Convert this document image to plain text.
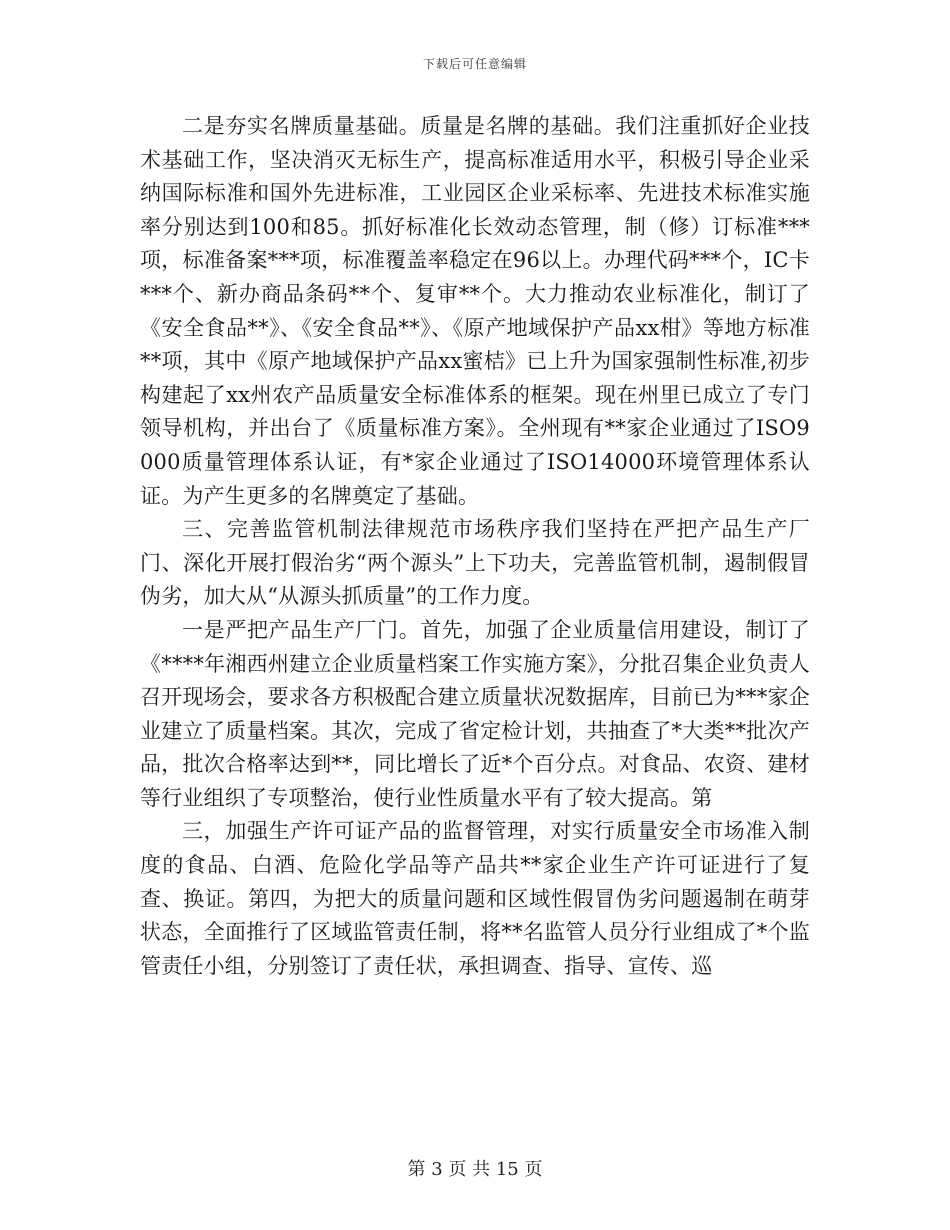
下载后可任意编辑

二是夯实名牌质量基础。质量是名牌的基础。我们注重抓好企业技术基础工作，坚决消灭无标生产，提高标准适用水平，积极引导企业采纳国际标准和国外先进标准，工业园区企业采标率、先进技术标准实施率分别达到100和85。抓好标准化长效动态管理，制（修）订标准***项，标准备案***项，标准覆盖率稳定在96以上。办理代码***个，IC卡***个、新办商品条码**个、复审**个。大力推动农业标准化，制订了《安全食品**》、《安全食品**》、《原产地域保护产品xx柑》等地方标准**项，其中《原产地域保护产品xx蜜桔》已上升为国家强制性标准,初步构建起了xx州农产品质量安全标准体系的框架。现在州里已成立了专门领导机构，并出台了《质量标准方案》。全州现有**家企业通过了ISO9000质量管理体系认证，有*家企业通过了ISO14000环境管理体系认证。为产生更多的名牌奠定了基础。

三、完善监管机制法律规范市场秩序我们坚持在严把产品生产厂门、深化开展打假治劣“两个源头”上下功夫，完善监管机制，遏制假冒伪劣，加大从“从源头抓质量”的工作力度。

一是严把产品生产厂门。首先，加强了企业质量信用建设，制订了《****年湘西州建立企业质量档案工作实施方案》，分批召集企业负责人召开现场会，要求各方积极配合建立质量状况数据库，目前已为***家企业建立了质量档案。其次，完成了省定检计划，共抽查了*大类**批次产品，批次合格率达到**，同比增长了近*个百分点。对食品、农资、建材等行业组织了专项整治，使行业性质量水平有了较大提高。第

三，加强生产许可证产品的监督管理，对实行质量安全市场准入制度的食品、白酒、危险化学品等产品共**家企业生产许可证进行了复查、换证。第四，为把大的质量问题和区域性假冒伪劣问题遏制在萌芽状态，全面推行了区域监管责任制，将**名监管人员分行业组成了*个监管责任小组，分别签订了责任状，承担调查、指导、宣传、巡

第 3 页 共 15 页
